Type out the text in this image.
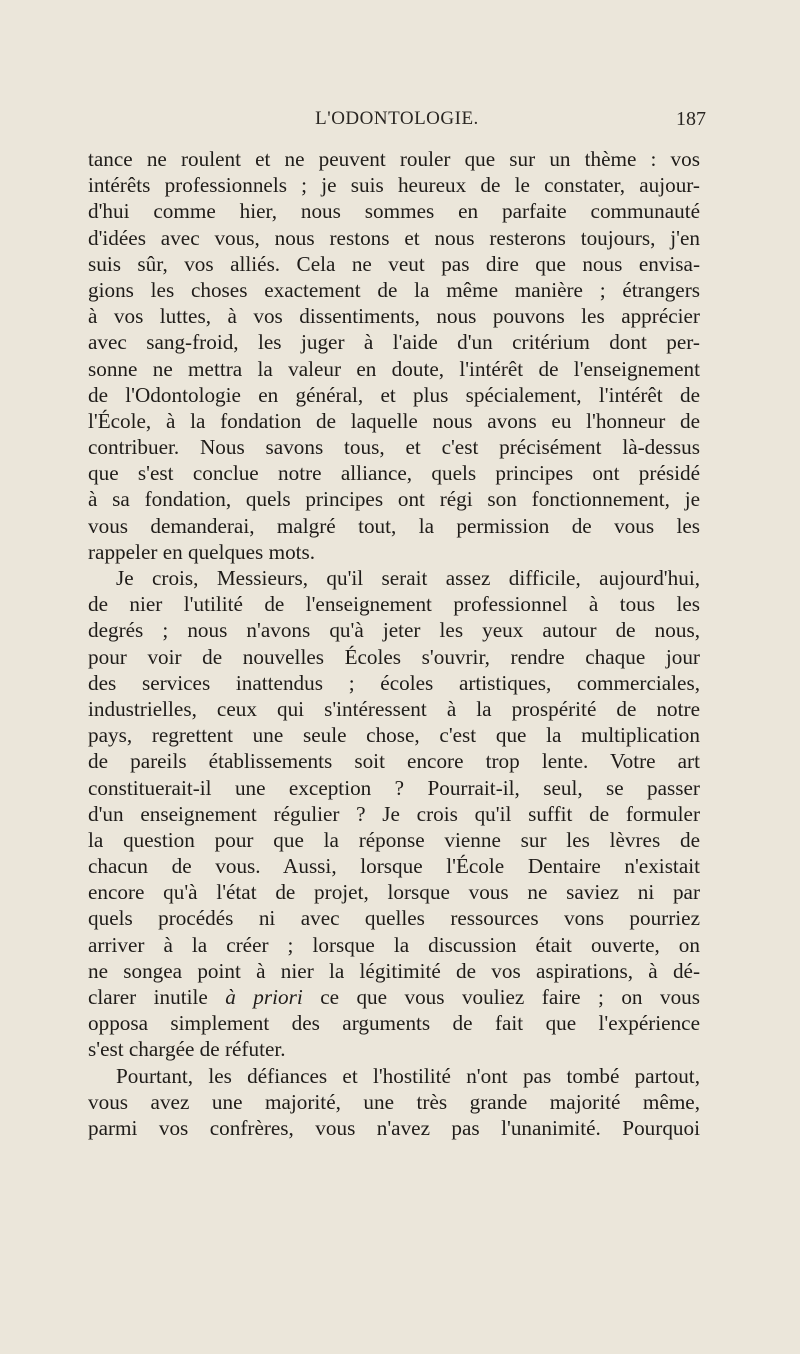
L'ODONTOLOGIE.	187
tance ne roulent et ne peuvent rouler que sur un thème : vos
intérêts professionnels ; je suis heureux de le constater, aujour-
d'hui comme hier, nous sommes en parfaite communauté
d'idées avec vous, nous restons et nous resterons toujours, j'en
suis sûr, vos alliés. Cela ne veut pas dire que nous envisa-
gions les choses exactement de la même manière ; étrangers
à vos luttes, à vos dissentiments, nous pouvons les apprécier
avec sang-froid, les juger à l'aide d'un critérium dont per-
sonne ne mettra la valeur en doute, l'intérêt de l'enseignement
de l'Odontologie en général, et plus spécialement, l'intérêt de
l'École, à la fondation de laquelle nous avons eu l'honneur de
contribuer. Nous savons tous, et c'est précisément là-dessus
que s'est conclue notre alliance, quels principes ont présidé
à sa fondation, quels principes ont régi son fonctionnement, je
vous demanderai, malgré tout, la permission de vous les
rappeler en quelques mots.
Je crois, Messieurs, qu'il serait assez difficile, aujourd'hui,
de nier l'utilité de l'enseignement professionnel à tous les
degrés ; nous n'avons qu'à jeter les yeux autour de nous,
pour voir de nouvelles Écoles s'ouvrir, rendre chaque jour
des services inattendus ; écoles artistiques, commerciales,
industrielles, ceux qui s'intéressent à la prospérité de notre
pays, regrettent une seule chose, c'est que la multiplication
de pareils établissements soit encore trop lente. Votre art
constituerait-il une exception ? Pourrait-il, seul, se passer
d'un enseignement régulier ? Je crois qu'il suffit de formuler
la question pour que la réponse vienne sur les lèvres de
chacun de vous. Aussi, lorsque l'École Dentaire n'existait
encore qu'à l'état de projet, lorsque vous ne saviez ni par
quels procédés ni avec quelles ressources vons pourriez
arriver à la créer ; lorsque la discussion était ouverte, on
ne songea point à nier la légitimité de vos aspirations, à dé-
clarer inutile à priori ce que vous vouliez faire ; on vous
opposa simplement des arguments de fait que l'expérience
s'est chargée de réfuter.
Pourtant, les défiances et l'hostilité n'ont pas tombé partout,
vous avez une majorité, une très grande majorité même,
parmi vos confrères, vous n'avez pas l'unanimité. Pourquoi
